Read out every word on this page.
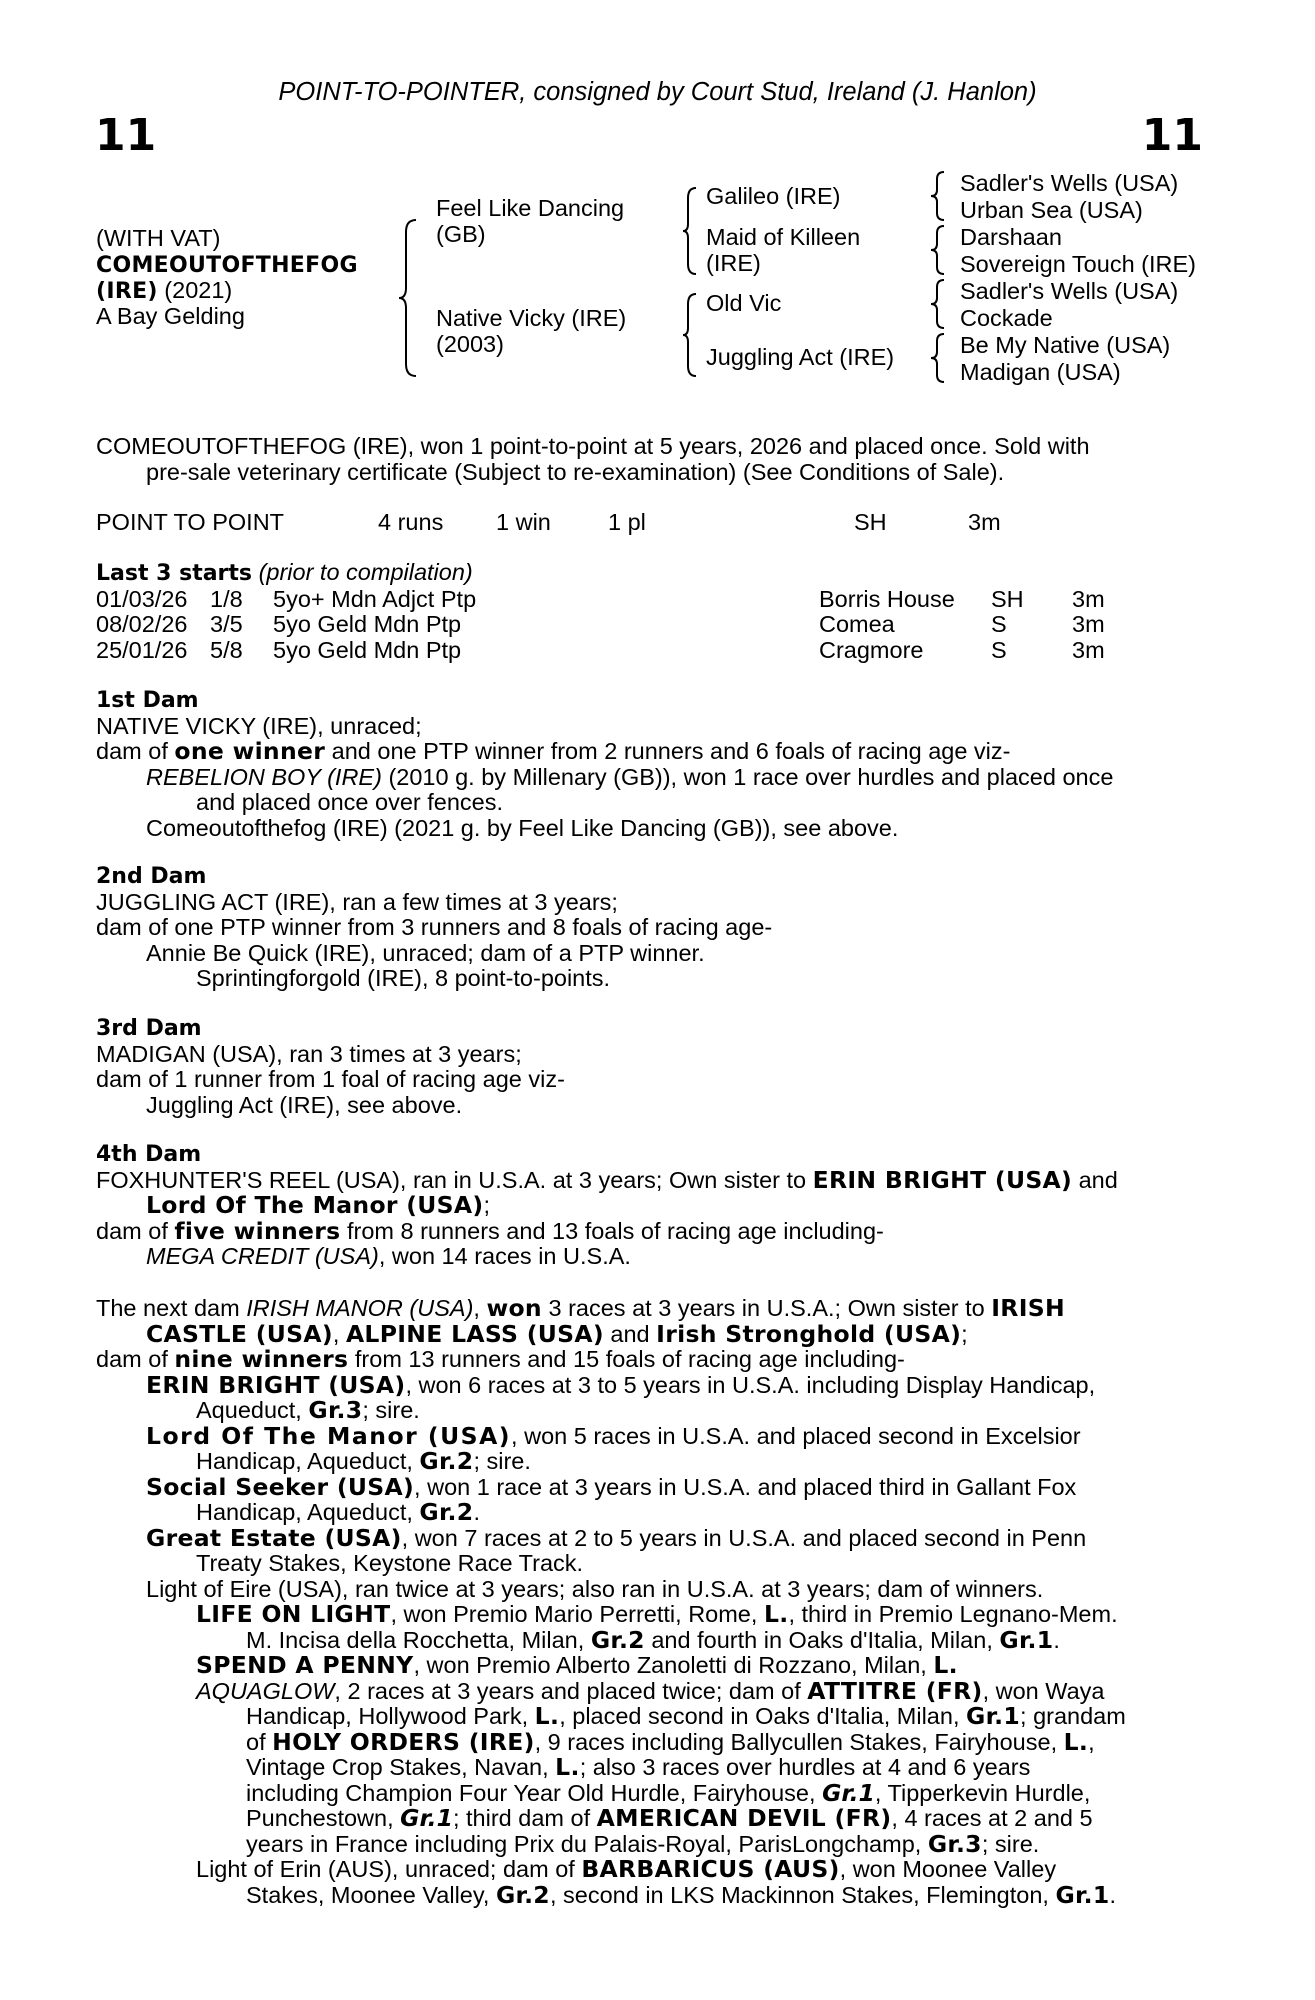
POINT-TO-POINTER, consigned by Court Stud, Ireland (J. Hanlon)
11	11
(WITH VAT)
COMEOUTOFTHEFOG
(IRE) (2021)
A Bay Gelding
Feel Like Dancing
(GB)
Native Vicky (IRE)
(2003)
Galileo (IRE)
Maid of Killeen
(IRE)
Old Vic
Juggling Act (IRE)
Sadler's Wells (USA)
Urban Sea (USA)
Darshaan
Sovereign Touch (IRE)
Sadler's Wells (USA)
Cockade
Be My Native (USA)
Madigan (USA)
COMEOUTOFTHEFOG (IRE), won 1 point-to-point at 5 years, 2026 and placed once. Sold with
pre-sale veterinary certificate (Subject to re-examination) (See Conditions of Sale).
POINT TO POINT	4 runs 1 win 1 pl	SH	3m
Last 3 starts (prior to compilation)
01/03/26 1/8 5yo+ Mdn Adjct Ptp	Borris House SH 3m
08/02/26 3/5 5yo Geld Mdn Ptp	Comea	S	3m
25/01/26 5/8 5yo Geld Mdn Ptp	Cragmore	S	3m
1st Dam
NATIVE VICKY (IRE), unraced;
dam of one winner and one PTP winner from 2 runners and 6 foals of racing age viz-
REBELION BOY (IRE) (2010 g. by Millenary (GB)), won 1 race over hurdles and placed once
and placed once over fences.
Comeoutofthefog (IRE) (2021 g. by Feel Like Dancing (GB)), see above.
2nd Dam
JUGGLING ACT (IRE), ran a few times at 3 years;
dam of one PTP winner from 3 runners and 8 foals of racing age-
Annie Be Quick (IRE), unraced; dam of a PTP winner.
Sprintingforgold (IRE), 8 point-to-points.
3rd Dam
MADIGAN (USA), ran 3 times at 3 years;
dam of 1 runner from 1 foal of racing age viz-
Juggling Act (IRE), see above.
4th Dam
FOXHUNTER'S REEL (USA), ran in U.S.A. at 3 years; Own sister to ERIN BRIGHT (USA) and
Lord Of The Manor (USA);
dam of five winners from 8 runners and 13 foals of racing age including-
MEGA CREDIT (USA), won 14 races in U.S.A.
The next dam IRISH MANOR (USA), won 3 races at 3 years in U.S.A.; Own sister to IRISH
CASTLE (USA), ALPINE LASS (USA) and Irish Stronghold (USA);
dam of nine winners from 13 runners and 15 foals of racing age including-
ERIN BRIGHT (USA), won 6 races at 3 to 5 years in U.S.A. including Display Handicap,
Aqueduct, Gr.3; sire.
Lord Of The Manor (USA), won 5 races in U.S.A. and placed second in Excelsior
Handicap, Aqueduct, Gr.2; sire.
Social Seeker (USA), won 1 race at 3 years in U.S.A. and placed third in Gallant Fox
Handicap, Aqueduct, Gr.2.
Great Estate (USA), won 7 races at 2 to 5 years in U.S.A. and placed second in Penn
Treaty Stakes, Keystone Race Track.
Light of Eire (USA), ran twice at 3 years; also ran in U.S.A. at 3 years; dam of winners.
LIFE ON LIGHT, won Premio Mario Perretti, Rome, L., third in Premio Legnano-Mem.
M. Incisa della Rocchetta, Milan, Gr.2 and fourth in Oaks d'Italia, Milan, Gr.1.
SPEND A PENNY, won Premio Alberto Zanoletti di Rozzano, Milan, L.
AQUAGLOW, 2 races at 3 years and placed twice; dam of ATTITRE (FR), won Waya
Handicap, Hollywood Park, L., placed second in Oaks d'Italia, Milan, Gr.1; grandam
of HOLY ORDERS (IRE), 9 races including Ballycullen Stakes, Fairyhouse, L.,
Vintage Crop Stakes, Navan, L.; also 3 races over hurdles at 4 and 6 years
including Champion Four Year Old Hurdle, Fairyhouse, Gr.1, Tipperkevin Hurdle,
Punchestown, Gr.1; third dam of AMERICAN DEVIL (FR), 4 races at 2 and 5
years in France including Prix du Palais-Royal, ParisLongchamp, Gr.3; sire.
Light of Erin (AUS), unraced; dam of BARBARICUS (AUS), won Moonee Valley
Stakes, Moonee Valley, Gr.2, second in LKS Mackinnon Stakes, Flemington, Gr.1.
